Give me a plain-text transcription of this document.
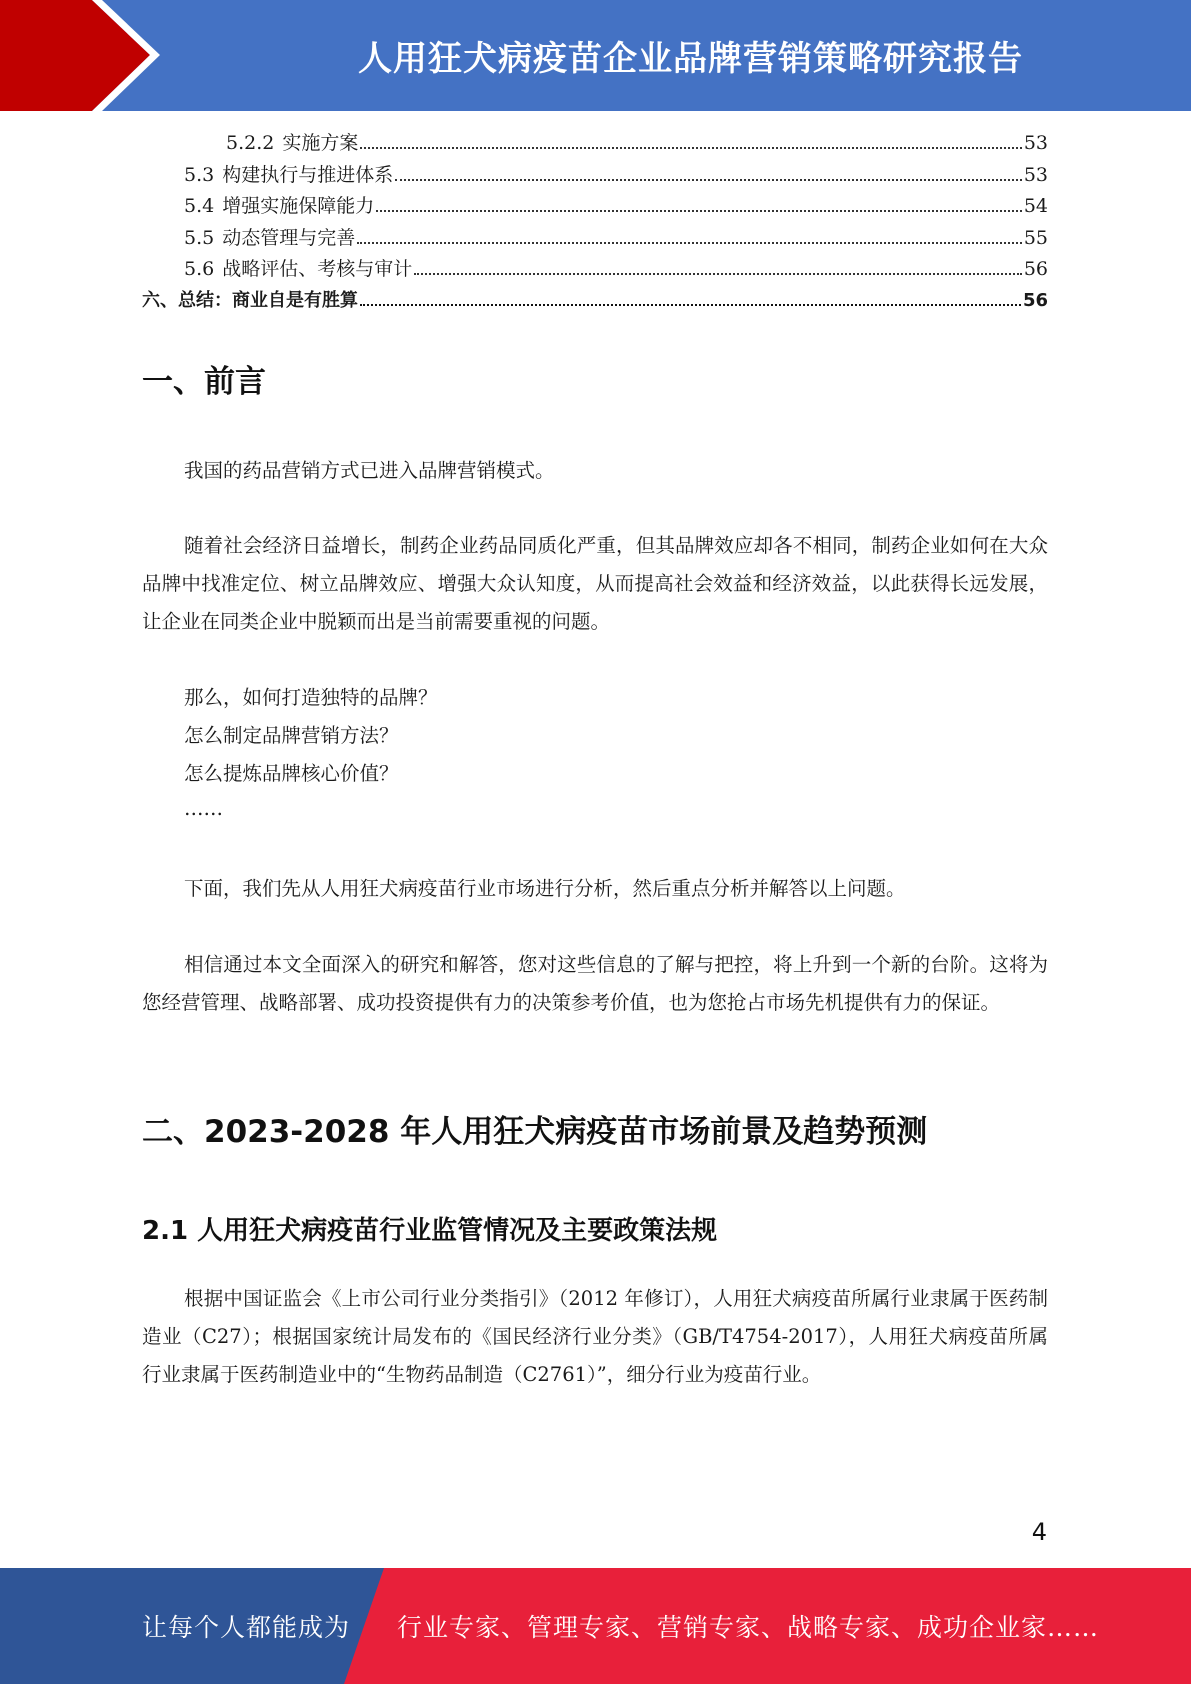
人用狂犬病疫苗企业品牌营销策略研究报告
5.2.2 实施方案	53
5.3 构建执行与推进体系	53
5.4 增强实施保障能力	54
5.5 动态管理与完善	55
5.6 战略评估、考核与审计	56
六、总结：商业自是有胜算	56
一、前言

我国的药品营销方式已进入品牌营销模式。

随着社会经济日益增长，制药企业药品同质化严重，但其品牌效应却各不相同，制药企业如何在大众品牌中找准定位、树立品牌效应、增强大众认知度，从而提高社会效益和经济效益，以此获得长远发展，让企业在同类企业中脱颖而出是当前需要重视的问题。

那么，如何打造独特的品牌？
怎么制定品牌营销方法？
怎么提炼品牌核心价值？
……

下面，我们先从人用狂犬病疫苗行业市场进行分析，然后重点分析并解答以上问题。

相信通过本文全面深入的研究和解答，您对这些信息的了解与把控，将上升到一个新的台阶。这将为您经营管理、战略部署、成功投资提供有力的决策参考价值，也为您抢占市场先机提供有力的保证。

二、2023-2028 年人用狂犬病疫苗市场前景及趋势预测
2.1 人用狂犬病疫苗行业监管情况及主要政策法规

根据中国证监会《上市公司行业分类指引》（2012 年修订），人用狂犬病疫苗所属行业隶属于医药制造业（C27）；根据国家统计局发布的《国民经济行业分类》（GB/T4754-2017），人用狂犬病疫苗所属行业隶属于医药制造业中的“生物药品制造（C2761）”，细分行业为疫苗行业。

4
让每个人都能成为 行业专家、管理专家、营销专家、战略专家、成功企业家……
